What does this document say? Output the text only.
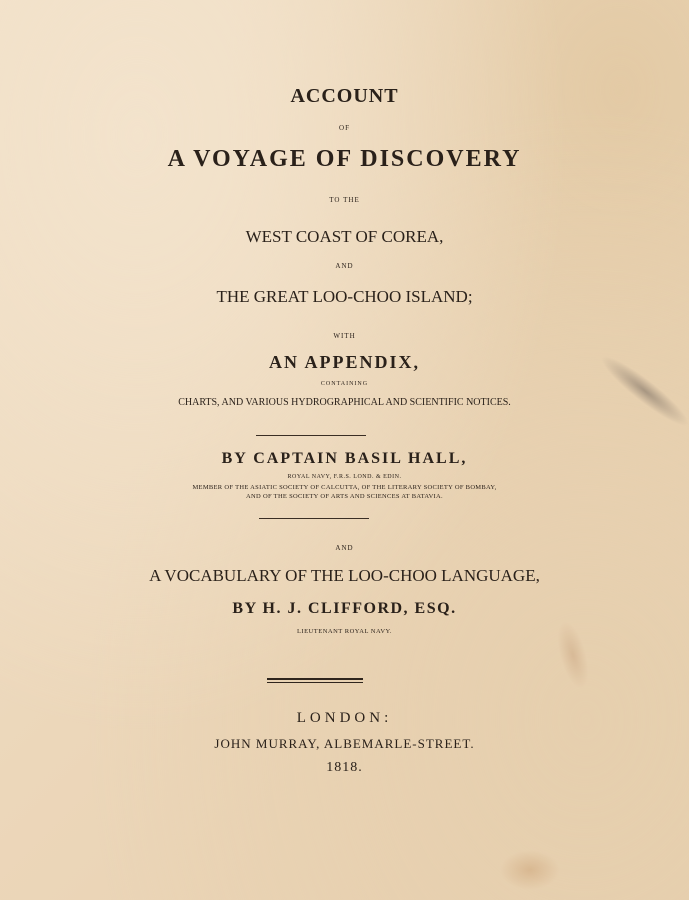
ACCOUNT
OF
A VOYAGE OF DISCOVERY
TO THE
WEST COAST OF COREA,
AND
THE GREAT LOO-CHOO ISLAND;
WITH
AN APPENDIX,
CONTAINING
CHARTS, AND VARIOUS HYDROGRAPHICAL AND SCIENTIFIC NOTICES.
BY CAPTAIN BASIL HALL,
ROYAL NAVY, F.R.S. LOND. & EDIN.
MEMBER OF THE ASIATIC SOCIETY OF CALCUTTA, OF THE LITERARY SOCIETY OF BOMBAY,
AND OF THE SOCIETY OF ARTS AND SCIENCES AT BATAVIA.
AND
A VOCABULARY OF THE LOO-CHOO LANGUAGE,
BY H. J. CLIFFORD, ESQ.
LIEUTENANT ROYAL NAVY.
LONDON:
JOHN MURRAY, ALBEMARLE-STREET.
1818.
